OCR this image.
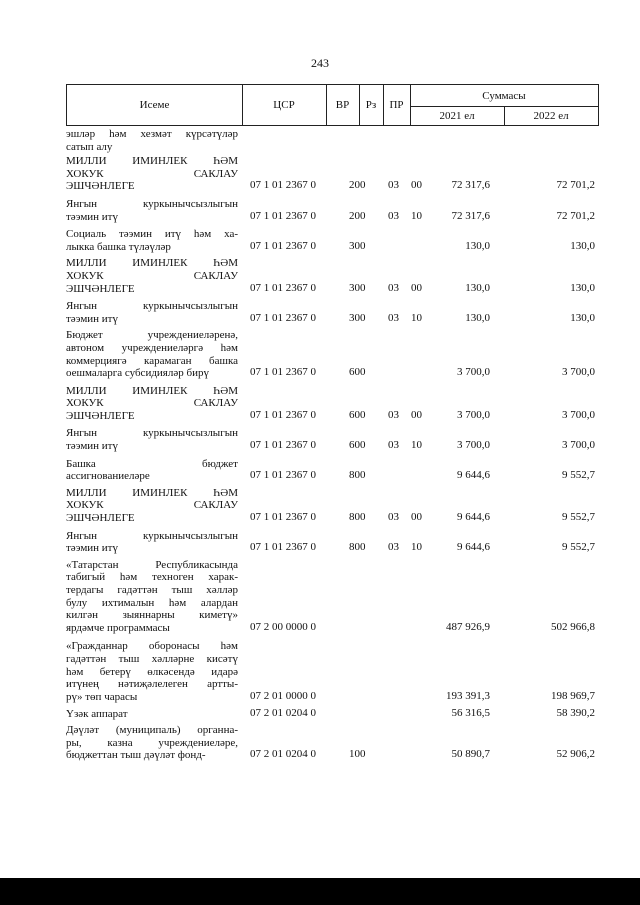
243
Исеме	ЦСР	ВР	Рз	ПР
Суммасы
2021 ел	2022 ел
эшләр һәм хезмәт күрсәтүләр
сатып алу
МИЛЛИ ИМИНЛЕК ҺӘМ
ХОКУК САКЛАУ
ЭШЧӘНЛЕГЕ	07 1 01 2367 0	200 03 00	72 317,6	72 701,2
Янгын куркынычсызлыгын
тәэмин итү	07 1 01 2367 0	200 03 10	72 317,6	72 701,2
Социаль тәэмин итү һәм ха-
лыкка башка түләүләр	07 1 01 2367 0	300	130,0	130,0
МИЛЛИ ИМИНЛЕК ҺӘМ
ХОКУК САКЛАУ
ЭШЧӘНЛЕГЕ	07 1 01 2367 0	300 03 00	130,0	130,0
Янгын куркынычсызлыгын
тәэмин итү	07 1 01 2367 0	300 03 10	130,0	130,0
Бюджет учреждениеләренә,
автоном учреждениеләргә һәм
коммерциягә карамаган башка
оешмаларга субсидияләр бирү	07 1 01 2367 0	600	3 700,0	3 700,0
МИЛЛИ ИМИНЛЕК ҺӘМ
ХОКУК САКЛАУ
ЭШЧӘНЛЕГЕ	07 1 01 2367 0	600 03 00	3 700,0	3 700,0
Янгын куркынычсызлыгын
тәэмин итү	07 1 01 2367 0	600 03 10	3 700,0	3 700,0
Башка бюджет
ассигнованиеләре	07 1 01 2367 0	800	9 644,6	9 552,7
МИЛЛИ ИМИНЛЕК ҺӘМ
ХОКУК САКЛАУ
ЭШЧӘНЛЕГЕ	07 1 01 2367 0	800 03 00	9 644,6	9 552,7
Янгын куркынычсызлыгын
тәэмин итү	07 1 01 2367 0	800 03 10	9 644,6	9 552,7
«Татарстан Республикасында
табигый һәм техноген харак-
тердагы гадәттән тыш хәлләр
булу ихтималын һәм алардан
килгән зыяннарны киметү»
ярдәмче программасы	07 2 00 0000 0	487 926,9	502 966,8
«Гражданнар оборонасы һәм
гадәттән тыш хәлләрне кисәтү
һәм бетерү өлкәсендә идарә
итүнең нәтиҗәлелеген артты-
рү» төп чарасы	07 2 01 0000 0	193 391,3	198 969,7
Үзәк аппарат	07 2 01 0204 0	56 316,5	58 390,2
Дәүләт (муниципаль) органна-
ры, казна учреждениеләре,
бюджеттан тыш дәүләт фонд-	07 2 01 0204 0	100	50 890,7	52 906,2
